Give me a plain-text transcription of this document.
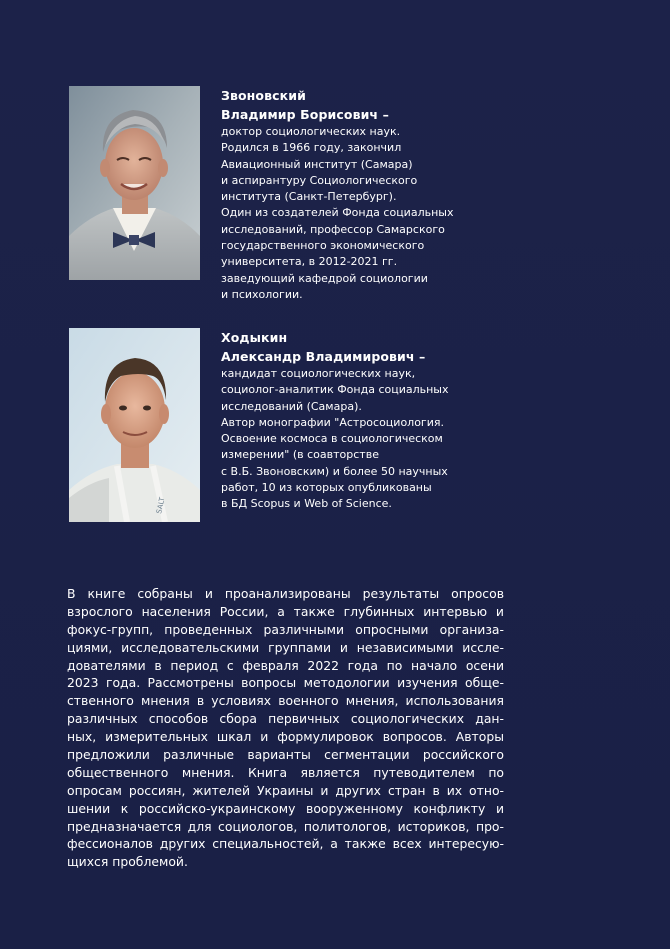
Звоновский
Владимир Борисович –
доктор социологических наук.
Родился в 1966 году, закончил
Авиационный институт (Самара)
и аспирантуру Социологического
института (Санкт-Петербург).
Один из создателей Фонда социальных
исследований, профессор Самарского
государственного экономического
университета, в 2012-2021 гг.
заведующий кафедрой социологии
и психологии.
SALT
Ходыкин
Александр Владимирович –
кандидат социологических наук,
социолог-аналитик Фонда социальных
исследований (Самара).
Автор монографии "Астросоциология.
Освоение космоса в социологическом
измерении" (в соавторстве
с В.Б. Звоновским) и более 50 научных
работ, 10 из которых опубликованы
в БД Scopus и Web of Science.
В книге собраны и проанализированы результаты опросов
взрослого населения России, а также глубинных интервью и
фокус-групп, проведенных различными опросными организа-
циями, исследовательскими группами и независимыми иссле-
дователями в период с февраля 2022 года по начало осени
2023 года. Рассмотрены вопросы методологии изучения обще-
ственного мнения в условиях военного мнения, использования
различных способов сбора первичных социологических дан-
ных, измерительных шкал и формулировок вопросов. Авторы
предложили различные варианты сегментации российского
общественного мнения. Книга является путеводителем по
опросам россиян, жителей Украины и других стран в их отно-
шении к российско-украинскому вооруженному конфликту и
предназначается для социологов, политологов, историков, про-
фессионалов других специальностей, а также всех интересую-
щихся проблемой.
